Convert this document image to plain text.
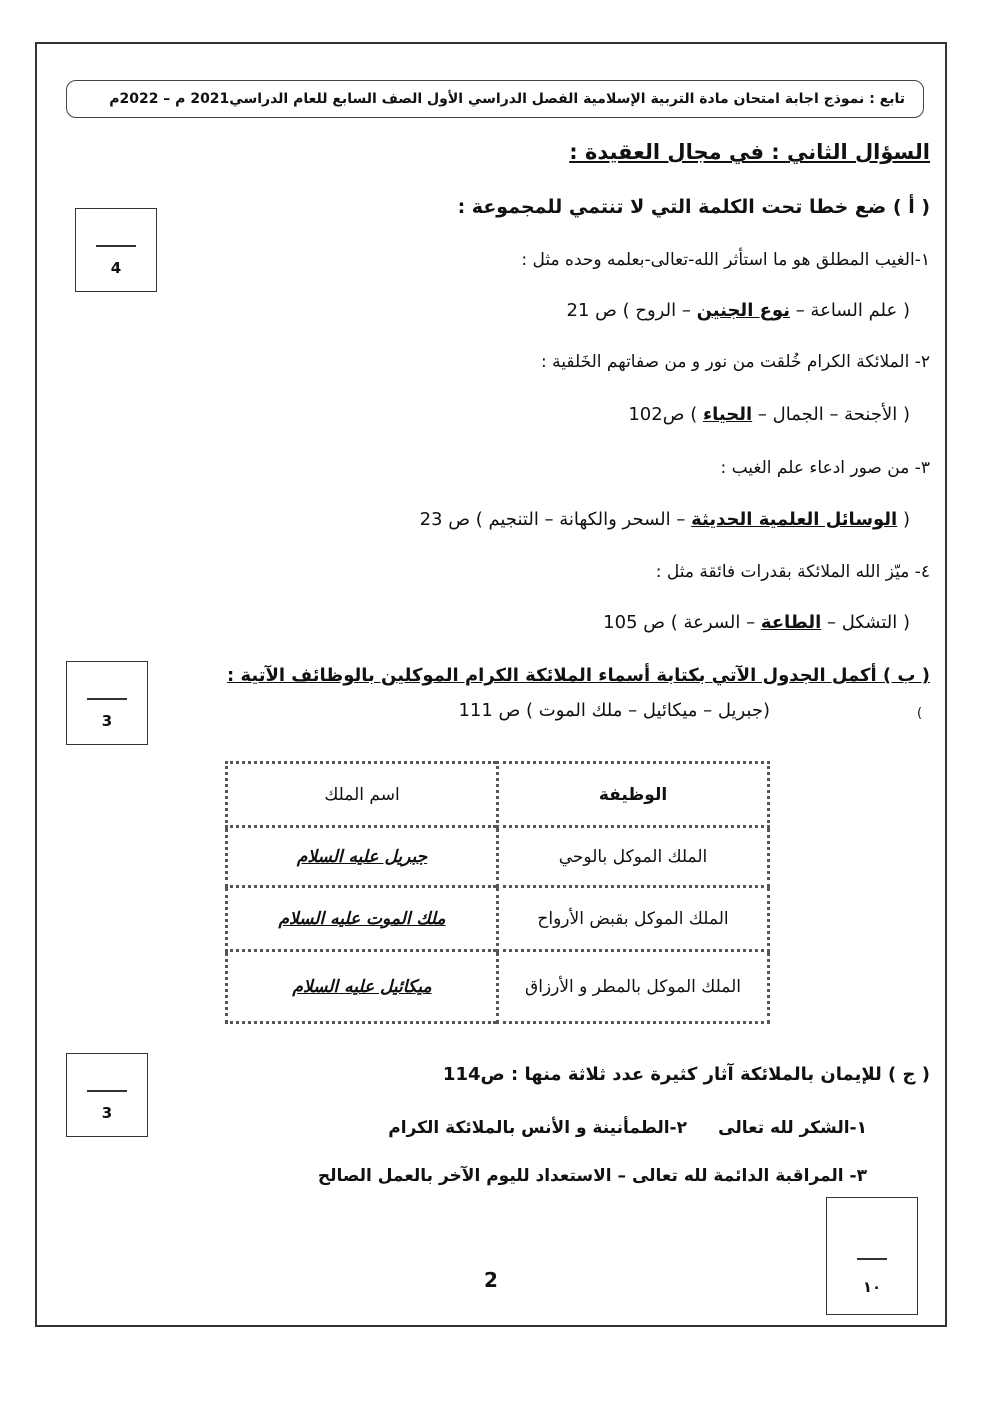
تابع : نموذج اجابة امتحان مادة التربية الإسلامية الفصل الدراسي الأول الصف السابع للعام الدراسي2021 م – 2022م
السؤال الثاني : في مجال العقيدة :
( أ ) ضع خطا تحت الكلمة التي لا تنتمي للمجموعة :
4	١-الغيب المطلق هو ما استأثر الله-تعالى-بعلمه وحده مثل :
( علم الساعة – نوع الجنين – الروح ) ص 21
٢- الملائكة الكرام خُلقت من نور و من صفاتهم الخَلقية :
( الأجنحة – الجمال – الحياء ) ص102
٣- من صور ادعاء علم الغيب :
( الوسائل العلمية الحديثة – السحر والكهانة – التنجيم ) ص 23
٤- ميّز الله الملائكة بقدرات فائقة مثل :
( التشكل – الطاعة – السرعة ) ص 105
( ب ) أكمل الجدول الآتي بكتابة أسماء الملائكة الكرام الموكلين بالوظائف الآتية :
3	(
(جبريل – ميكائيل – ملك الموت ) ص 111
الوظيفة	اسم الملك
الملك الموكل بالوحي	جبريل عليه السلام
الملك الموكل بقبض الأرواح	ملك الموت عليه السلام
الملك الموكل بالمطر و الأرزاق	ميكائيل عليه السلام
3
( ج ) للإيمان بالملائكة آثار كثيرة عدد ثلاثة منها : ص114
١-الشكر لله تعالى
٢-الطمأنينة و الأنس بالملائكة الكرام
٣- المراقبة الدائمة لله تعالى – الاستعداد لليوم الآخر بالعمل الصالح
١٠
2
